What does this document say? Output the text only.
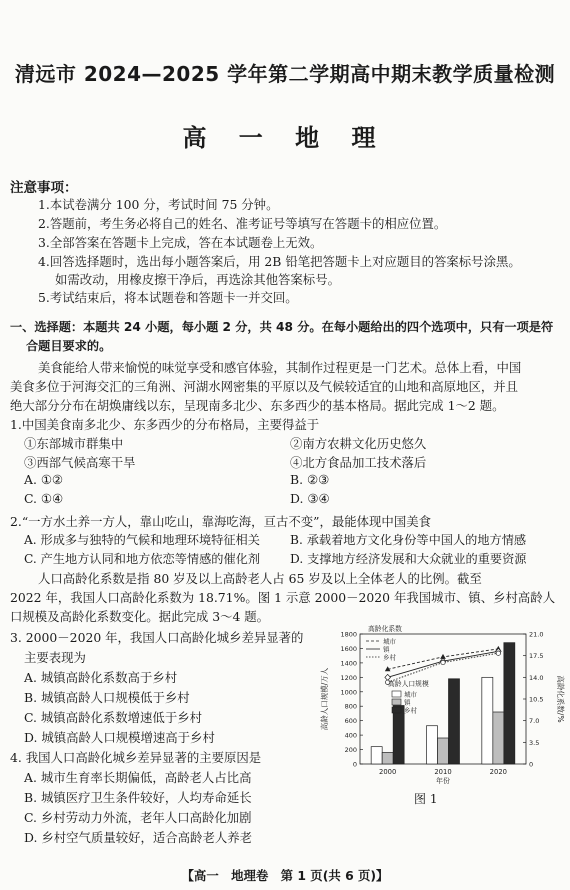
清远市 2024—2025 学年第二学期高中期末教学质量检测
高 一 地 理
注意事项：
1.本试卷满分 100 分，考试时间 75 分钟。
2.答题前，考生务必将自己的姓名、准考证号等填写在答题卡的相应位置。
3.全部答案在答题卡上完成，答在本试题卷上无效。
4.回答选择题时，选出每小题答案后，用 2B 铅笔把答题卡上对应题目的答案标号涂黑。
如需改动，用橡皮擦干净后，再选涂其他答案标号。
5.考试结束后，将本试题卷和答题卡一并交回。
一、选择题：本题共 24 小题，每小题 2 分，共 48 分。在每小题给出的四个选项中，只有一项是符
合题目要求的。
美食能给人带来愉悦的味觉享受和感官体验，其制作过程更是一门艺术。总体上看，中国
美食多位于河海交汇的三角洲、河湖水网密集的平原以及气候较适宜的山地和高原地区，并且
绝大部分分布在胡焕庸线以东，呈现南多北少、东多西少的基本格局。据此完成 1～2 题。
1.中国美食南多北少、东多西少的分布格局，主要得益于
①东部城市群集中	②南方农耕文化历史悠久
③西部气候高寒干旱	④北方食品加工技术落后
A. ①②	B. ②③
C. ①④	D. ③④
2.“一方水土养一方人，靠山吃山，靠海吃海，亘古不变”，最能体现中国美食
A. 形成多与独特的气候和地理环境特征相关 B. 承载着地方文化身份等中国人的地方情感
C. 产生地方认同和地方依恋等情感的催化剂 D. 支撑地方经济发展和大众就业的重要资源
人口高龄化系数是指 80 岁及以上高龄老人占 65 岁及以上全体老人的比例。截至
2022 年，我国人口高龄化系数为 18.71%。图 1 示意 2000－2020 年我国城市、镇、乡村高龄人
口规模及高龄化系数变化。据此完成 3～4 题。
3. 2000－2020 年，我国人口高龄化城乡差异显著的
主要表现为
A. 城镇高龄化系数高于乡村
B. 城镇高龄人口规模低于乡村
C. 城镇高龄化系数增速低于乡村
D. 城镇高龄人口规模增速高于乡村
4. 我国人口高龄化城乡差异显著的主要原因是
A. 城市生育率长期偏低，高龄老人占比高
B. 城镇医疗卫生条件较好，人均寿命延长
C. 乡村劳动力外流，老年人口高龄化加剧
D. 乡村空气质量较好，适合高龄老人养老
0
200
400
600
800
1000
1200
1400
1600
1800
0
3.5
7.0
10.5
14.0
17.5
21.0
高龄人口规模/万人	高龄化系数/%
2000	2010	2020
年份
高龄化系数
城市
镇
乡村
高龄人口规模
城市
镇
乡村
图 1
【高一　地理卷　第 1 页(共 6 页)】
